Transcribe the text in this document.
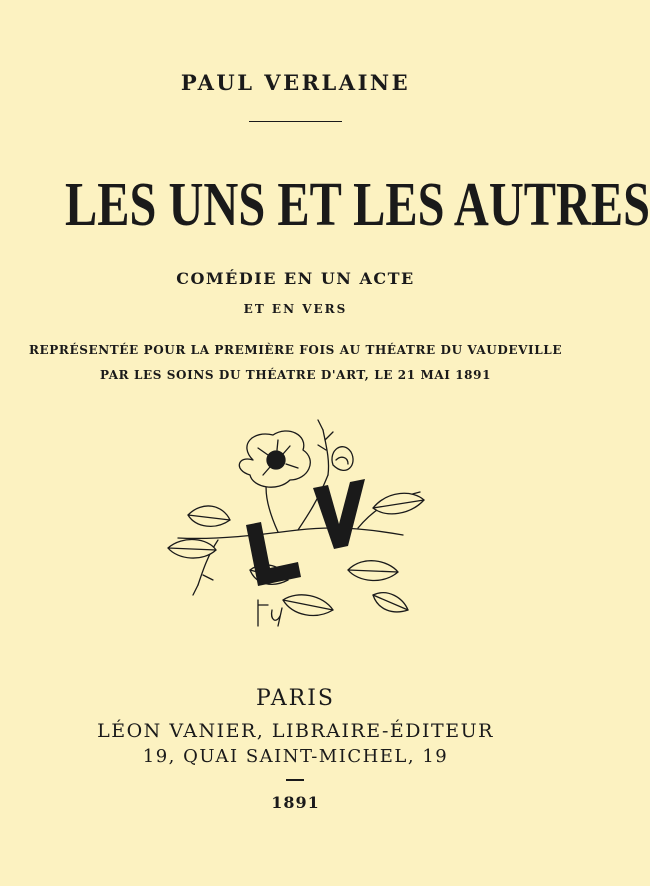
PAUL VERLAINE
LES UNS ET LES AUTRES
COMÉDIE EN UN ACTE
ET EN VERS
REPRÉSENTÉE POUR LA PREMIÈRE FOIS AU THÉATRE DU VAUDEVILLE
PAR LES SOINS DU THÉATRE D'ART, LE 21 MAI 1891
PARIS
LÉON VANIER, LIBRAIRE-ÉDITEUR
19, QUAI SAINT-MICHEL, 19
1891
